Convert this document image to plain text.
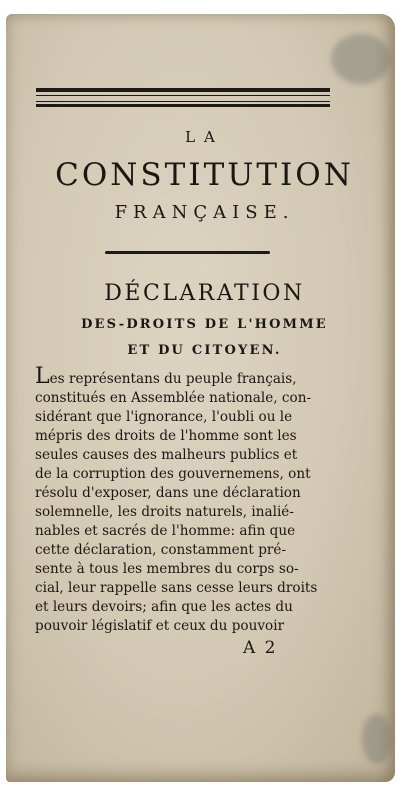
LA
CONSTITUTION
FRANÇAISE.
DÉCLARATION
DES-DROITS DE L'HOMME
ET DU CITOYEN.
Les représentans du peuple français,
constitués en Assemblée nationale, con-
sidérant que l'ignorance, l'oubli ou le
mépris des droits de l'homme sont les
seules causes des malheurs publics et
de la corruption des gouvernemens, ont
résolu d'exposer, dans une déclaration
solemnelle, les droits naturels, inalié-
nables et sacrés de l'homme: afin que
cette déclaration, constamment pré-
sente à tous les membres du corps so-
cial, leur rappelle sans cesse leurs droits
et leurs devoirs; afin que les actes du
pouvoir législatif et ceux du pouvoir
A 2
